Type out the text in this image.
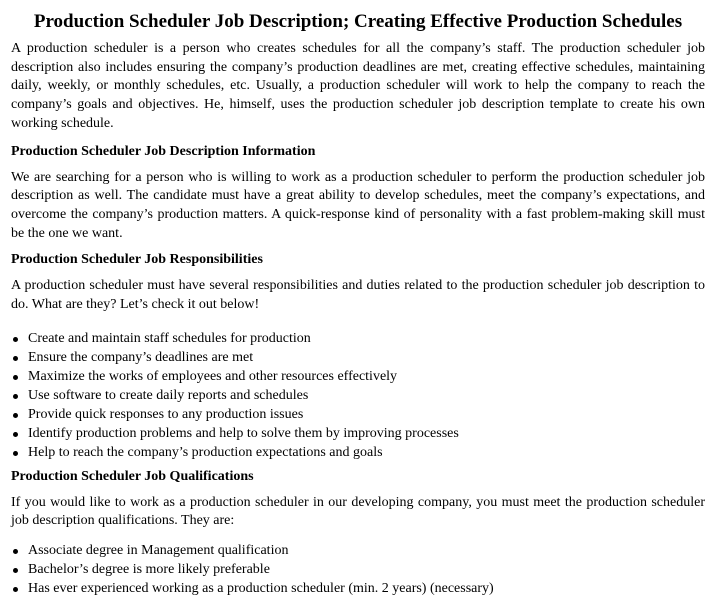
Production Scheduler Job Description; Creating Effective Production Schedules

A production scheduler is a person who creates schedules for all the company’s staff. The production scheduler job description also includes ensuring the company’s production deadlines are met, creating effective schedules, maintaining daily, weekly, or monthly schedules, etc. Usually, a production scheduler will work to help the company to reach the company’s goals and objectives. He, himself, uses the production scheduler job description template to create his own working schedule.

Production Scheduler Job Description Information

We are searching for a person who is willing to work as a production scheduler to perform the production scheduler job description as well. The candidate must have a great ability to develop schedules, meet the company’s expectations, and overcome the company’s production matters. A quick-response kind of personality with a fast problem-making skill must be the one we want.

Production Scheduler Job Responsibilities

A production scheduler must have several responsibilities and duties related to the production scheduler job description to do. What are they? Let’s check it out below!

Create and maintain staff schedules for production
Ensure the company’s deadlines are met
Maximize the works of employees and other resources effectively
Use software to create daily reports and schedules
Provide quick responses to any production issues
Identify production problems and help to solve them by improving processes
Help to reach the company’s production expectations and goals
Production Scheduler Job Qualifications

If you would like to work as a production scheduler in our developing company, you must meet the production scheduler job description qualifications. They are:

Associate degree in Management qualification
Bachelor’s degree is more likely preferable
Has ever experienced working as a production scheduler (min. 2 years) (necessary)
